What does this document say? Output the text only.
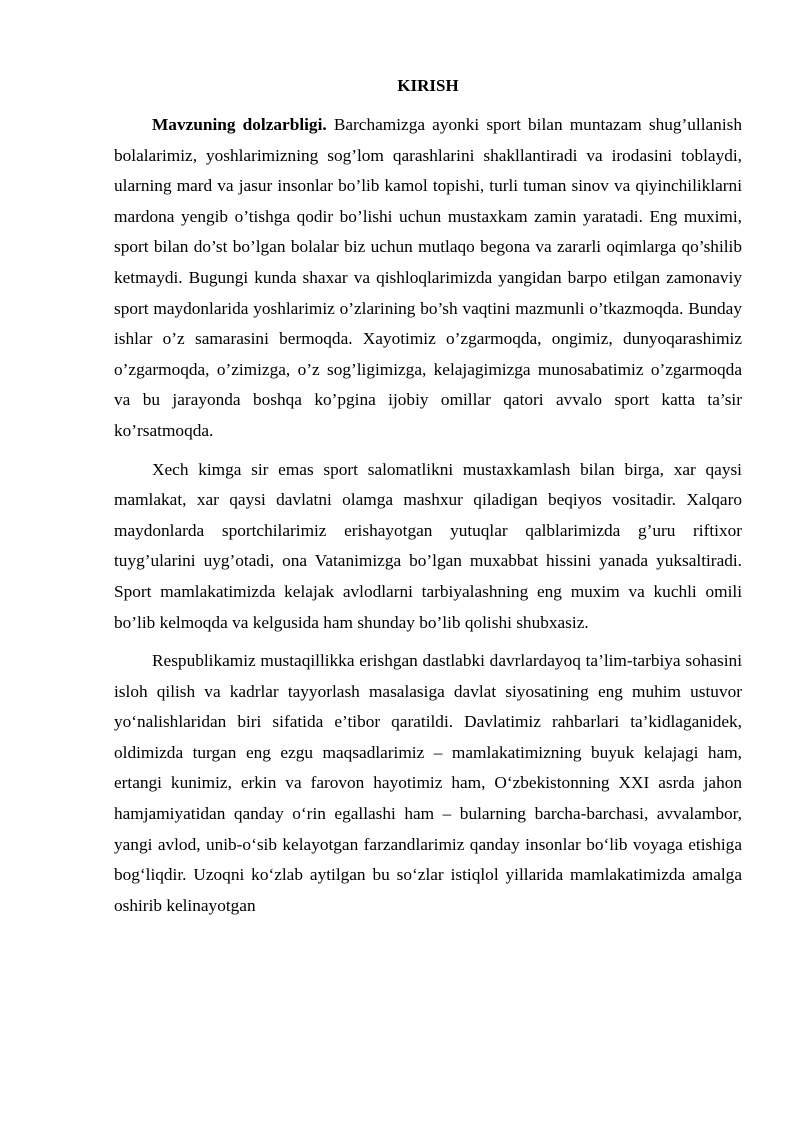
KIRISH

Mavzuning dolzarbligi. Barchamizga ayonki sport bilan muntazam shug’ullanish bolalarimiz, yoshlarimizning sog’lom qarashlarini shakllantiradi va irodasini toblaydi, ularning mard va jasur insonlar bo’lib kamol topishi, turli tuman sinov va qiyinchiliklarni mardona yengib o’tishga qodir bo’lishi uchun mustaxkam zamin yaratadi. Eng muximi, sport bilan do’st bo’lgan bolalar biz uchun mutlaqo begona va zararli oqimlarga qo’shilib ketmaydi. Bugungi kunda shaxar va qishloqlarimizda yangidan barpo etilgan zamonaviy sport maydonlarida yoshlarimiz o’zlarining bo’sh vaqtini mazmunli o’tkazmoqda. Bunday ishlar o’z samarasini bermoqda. Xayotimiz o’zgarmoqda, ongimiz, dunyoqarashimiz o’zgarmoqda, o’zimizga, o’z sog’ligimizga, kelajagimizga munosabatimiz o’zgarmoqda va bu jarayonda boshqa ko’pgina ijobiy omillar qatori avvalo sport katta ta’sir ko’rsatmoqda.

Xech kimga sir emas sport salomatlikni mustaxkamlash bilan birga, xar qaysi mamlakat, xar qaysi davlatni olamga mashxur qiladigan beqiyos vositadir. Xalqaro maydonlarda sportchilarimiz erishayotgan yutuqlar qalblarimizda g’uru riftixor tuyg’ularini uyg’otadi, ona Vatanimizga bo’lgan muxabbat hissini yanada yuksaltiradi. Sport mamlakatimizda kelajak avlodlarni tarbiyalashning eng muxim va kuchli omili bo’lib kelmoqda va kelgusida ham shunday bo’lib qolishi shubxasiz.

Respublikamiz mustaqillikka erishgan dastlabki davrlardayoq ta’lim-tarbiya sohasini isloh qilish va kadrlar tayyorlash masalasiga davlat siyosatining eng muhim ustuvor yo‘nalishlaridan biri sifatida e’tibor qaratildi. Davlatimiz rahbarlari ta’kidlaganidek, oldimizda turgan eng ezgu maqsadlarimiz – mamlakatimizning buyuk kelajagi ham, ertangi kunimiz, erkin va farovon hayotimiz ham, O‘zbekistonning XXI asrda jahon hamjamiyatidan qanday o‘rin egallashi ham – bularning barcha-barchasi, avvalambor, yangi avlod, unib-o‘sib kelayotgan farzandlarimiz qanday insonlar bo‘lib voyaga etishiga bog‘liqdir. Uzoqni ko‘zlab aytilgan bu so‘zlar istiqlol yillarida mamlakatimizda amalga oshirib kelinayotgan
